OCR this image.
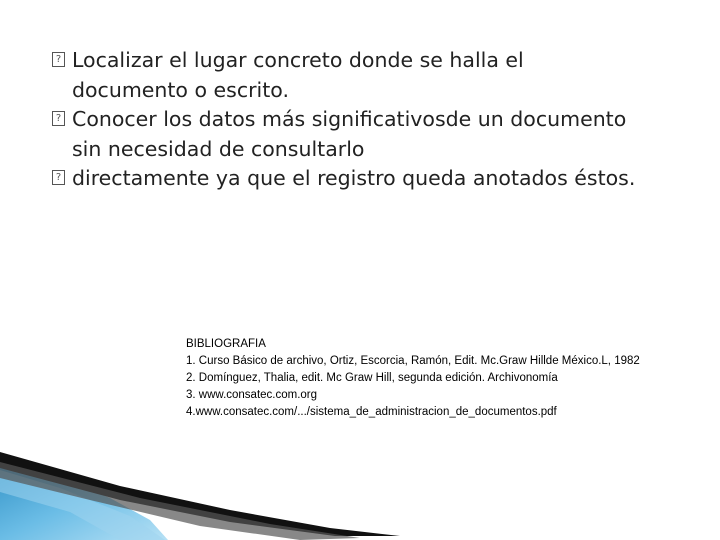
? Localizar el lugar concreto donde se halla el
documento o escrito.
? Conocer los datos más significativosde un documento
sin necesidad de consultarlo
? directamente ya que el registro queda anotados éstos.
BIBLIOGRAFIA
1. Curso Básico de archivo, Ortiz, Escorcia, Ramón, Edit. Mc.Graw Hillde México.L, 1982
2. Domínguez, Thalia, edit. Mc Graw Hill, segunda edición. Archivonomía
3. www.consatec.com.org
4.www.consatec.com/.../sistema_de_administracion_de_documentos.pdf
